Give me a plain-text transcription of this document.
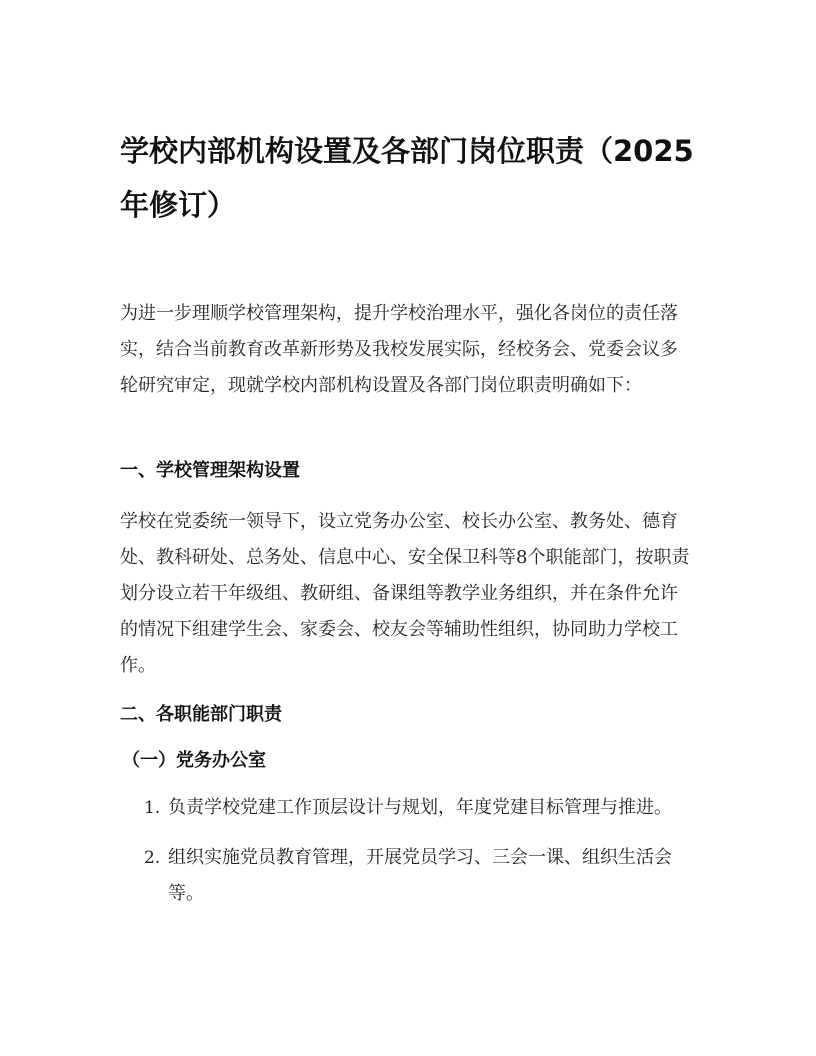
学校内部机构设置及各部门岗位职责（2025年修订）

为进一步理顺学校管理架构，提升学校治理水平，强化各岗位的责任落实，结合当前教育改革新形势及我校发展实际，经校务会、党委会议多轮研究审定，现就学校内部机构设置及各部门岗位职责明确如下：

一、学校管理架构设置

学校在党委统一领导下，设立党务办公室、校长办公室、教务处、德育处、教科研处、总务处、信息中心、安全保卫科等8个职能部门，按职责划分设立若干年级组、教研组、备课组等教学业务组织，并在条件允许的情况下组建学生会、家委会、校友会等辅助性组织，协同助力学校工作。

二、各职能部门职责
（一）党务办公室
1. 负责学校党建工作顶层设计与规划，年度党建目标管理与推进。
2. 组织实施党员教育管理，开展党员学习、三会一课、组织生活会等。
